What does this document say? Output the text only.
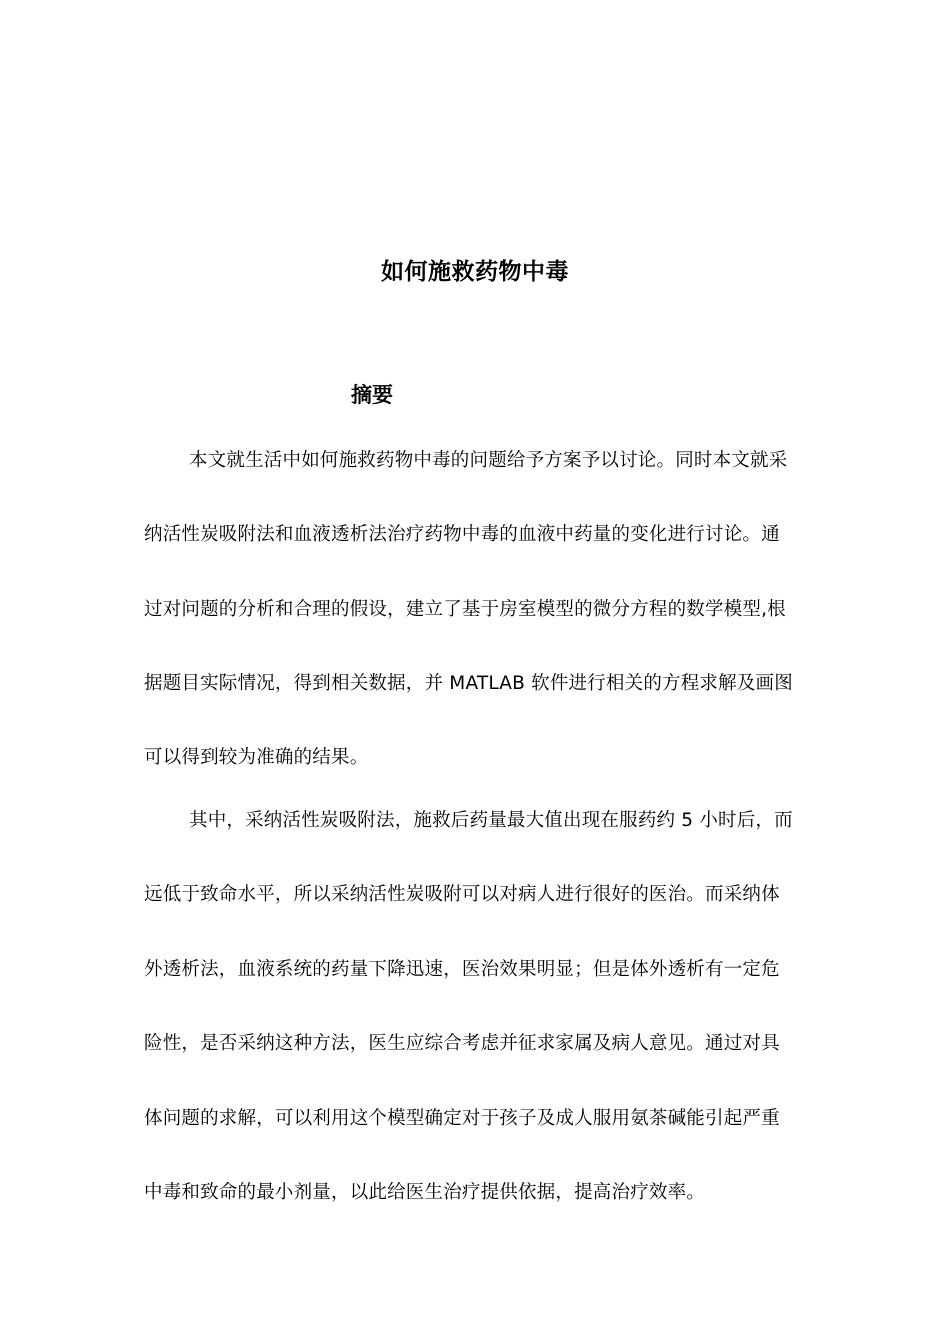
如何施救药物中毒
摘要
本文就生活中如何施救药物中毒的问题给予方案予以讨论。同时本文就采
纳活性炭吸附法和血液透析法治疗药物中毒的血液中药量的变化进行讨论。通
过对问题的分析和合理的假设，建立了基于房室模型的微分方程的数学模型,根
据题目实际情况，得到相关数据，并 MATLAB 软件进行相关的方程求解及画图
可以得到较为准确的结果。
其中，采纳活性炭吸附法，施救后药量最大值出现在服药约 5 小时后，而
远低于致命水平，所以采纳活性炭吸附可以对病人进行很好的医治。而采纳体
外透析法，血液系统的药量下降迅速，医治效果明显；但是体外透析有一定危
险性，是否采纳这种方法，医生应综合考虑并征求家属及病人意见。通过对具
体问题的求解，可以利用这个模型确定对于孩子及成人服用氨茶碱能引起严重
中毒和致命的最小剂量，以此给医生治疗提供依据，提高治疗效率。
